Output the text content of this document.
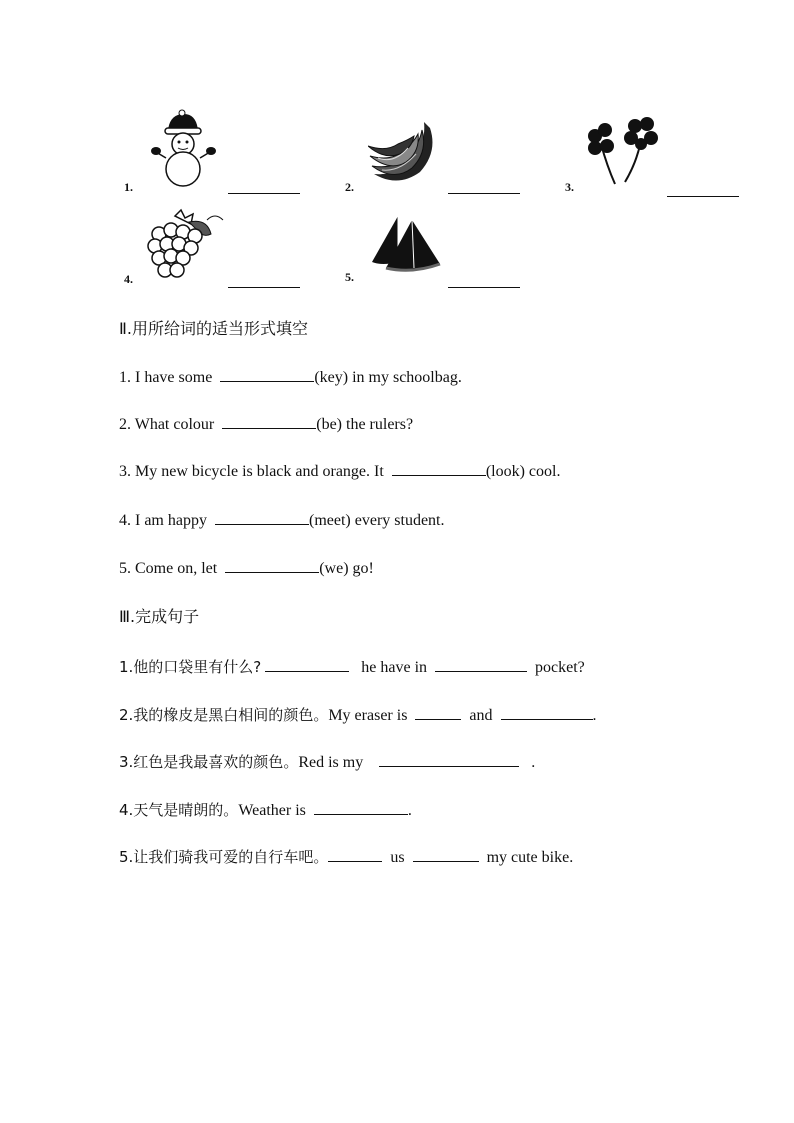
1.	2.	3.
4.	5.
Ⅱ.用所给词的适当形式填空
1. I have some	(key) in my schoolbag.
2. What colour	(be) the rulers?
3. My new bicycle is black and orange. It	(look) cool.
4. I am happy	(meet) every student.
5. Come on, let	(we) go!
Ⅲ.完成句子
1.他的口袋里有什么?	he have in	pocket?
2.我的橡皮是黑白相间的颜色。My eraser is	and	.
3.红色是我最喜欢的颜色。Red is my	.
4.天气是晴朗的。Weather is	.
5.让我们骑我可爱的自行车吧。	us	my cute bike.
